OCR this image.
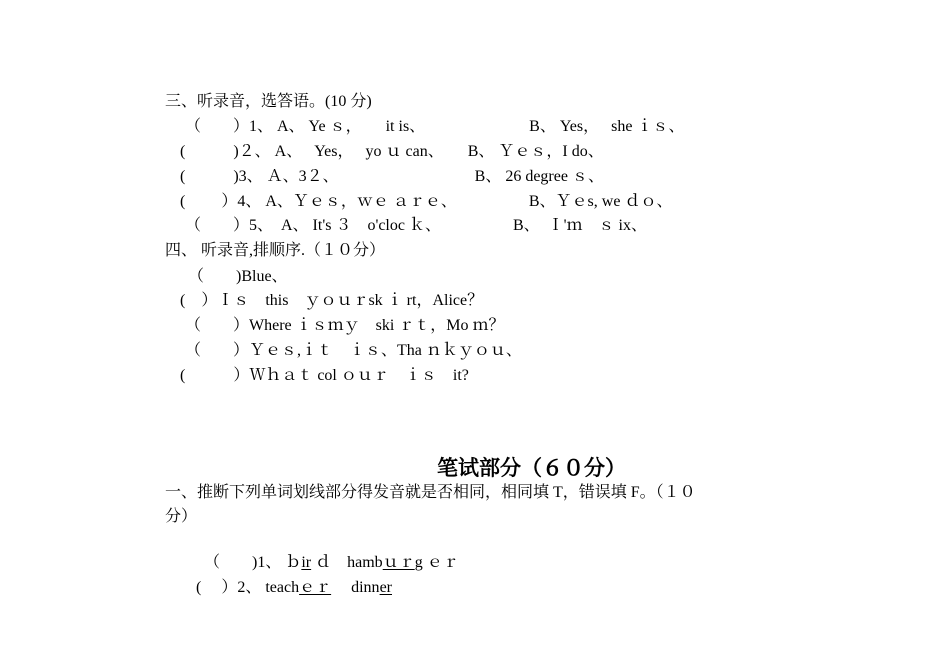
三、听录音，选答语。(10 分)
（　　）1、 A、 Ye ｓ，　　it is、　　　　　　　B、 Yes，　 she ｉｓ、
(　　　)２、 A、　 Yes，　 yo ｕ can、　　B、 Ｙｅｓ，I do、
(　　　)3、 Ａ、3２、　　　　　　　　　B、 26 degree ｓ、
(　　 ）4、 A、Ｙｅｓ，ｗｅ ａｒｅ、　　　　　B、Ｙｅs, we ｄｏ、
（　　）5、　A、 It's ３　o'cloc ｋ、　　　　　B、　Ｉ'ｍ　ｓ ix、
四、 听录音,排顺序.（１０分）
（　　)Blue、
(　）Ｉｓ　this　ｙｏｕｒsk ｉ rt，Alice？
（　　）Where ｉｓｍｙ　ski ｒｔ，Mo ｍ？
（　　）Ｙｅｓ,ｉｔ　ｉｓ、Tha ｎｋｙｏｕ、
(　　　）Ｗｈａｔ col ｏｕｒ　ｉｓ　it?
笔试部分（６０分）
一、推断下列单词划线部分得发音就是否相同，相同填 T，错误填 F。（１０
分）

（　　)1、 ｂir ｄ　hambｕｒg ｅｒ

(　 ）2、 teachｅｒ　 dinner
